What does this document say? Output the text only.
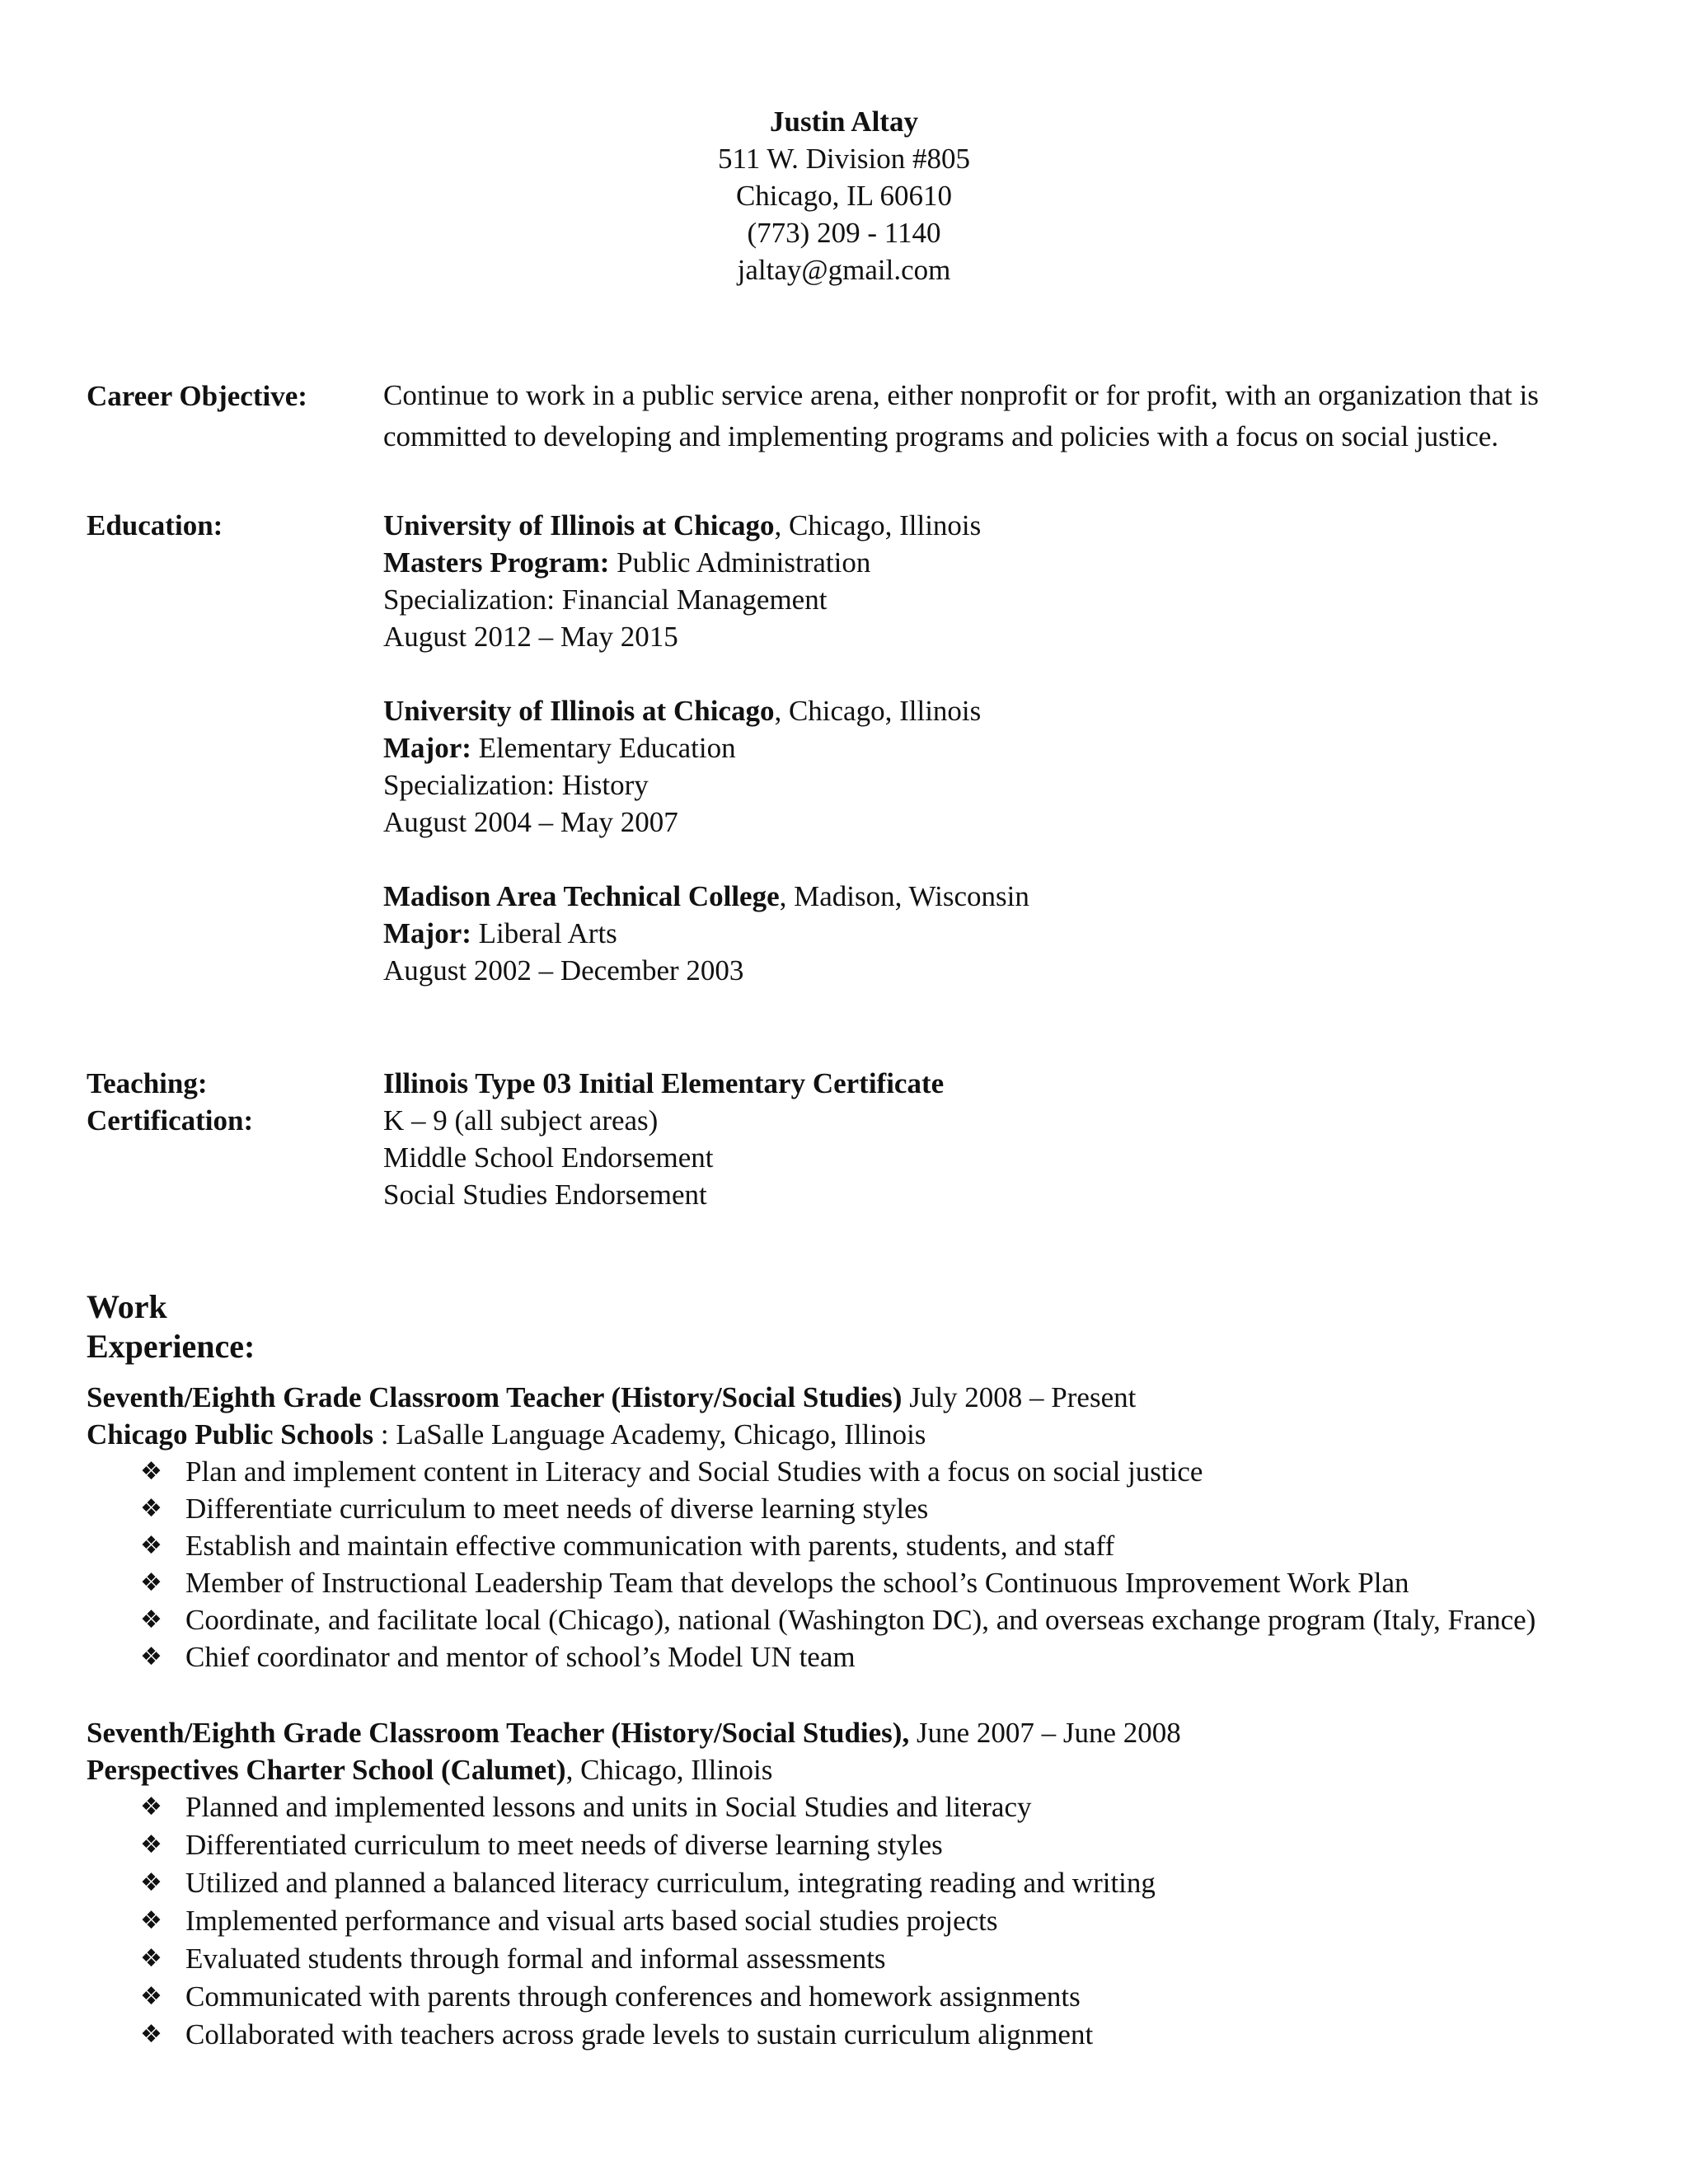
Justin Altay
511 W. Division #805
Chicago, IL 60610
(773) 209 - 1140
jaltay@gmail.com
Career Objective:	Continue to work in a public service arena, either nonprofit or for profit, with an organization that is committed to developing and implementing programs and policies with a focus on social justice.
Education:	University of Illinois at Chicago, Chicago, Illinois
Masters Program: Public Administration
Specialization: Financial Management
August 2012 – May 2015
University of Illinois at Chicago, Chicago, Illinois
Major: Elementary Education
Specialization: History
August 2004 – May 2007
Madison Area Technical College, Madison, Wisconsin
Major: Liberal Arts
August 2002 – December 2003
Teaching:
Certification:
Illinois Type 03 Initial Elementary Certificate
K – 9 (all subject areas)
Middle School Endorsement
Social Studies Endorsement
Work
Experience:
Seventh/Eighth Grade Classroom Teacher (History/Social Studies) July 2008 – Present
Chicago Public Schools : LaSalle Language Academy, Chicago, Illinois
❖ Plan and implement content in Literacy and Social Studies with a focus on social justice
❖ Differentiate curriculum to meet needs of diverse learning styles
❖ Establish and maintain effective communication with parents, students, and staff
❖ Member of Instructional Leadership Team that develops the school’s Continuous Improvement Work Plan
❖ Coordinate, and facilitate local (Chicago), national (Washington DC), and overseas exchange program (Italy, France)
❖ Chief coordinator and mentor of school’s Model UN team
Seventh/Eighth Grade Classroom Teacher (History/Social Studies), June 2007 – June 2008
Perspectives Charter School (Calumet), Chicago, Illinois
❖ Planned and implemented lessons and units in Social Studies and literacy
❖ Differentiated curriculum to meet needs of diverse learning styles
❖ Utilized and planned a balanced literacy curriculum, integrating reading and writing
❖ Implemented performance and visual arts based social studies projects
❖ Evaluated students through formal and informal assessments
❖ Communicated with parents through conferences and homework assignments
❖ Collaborated with teachers across grade levels to sustain curriculum alignment
